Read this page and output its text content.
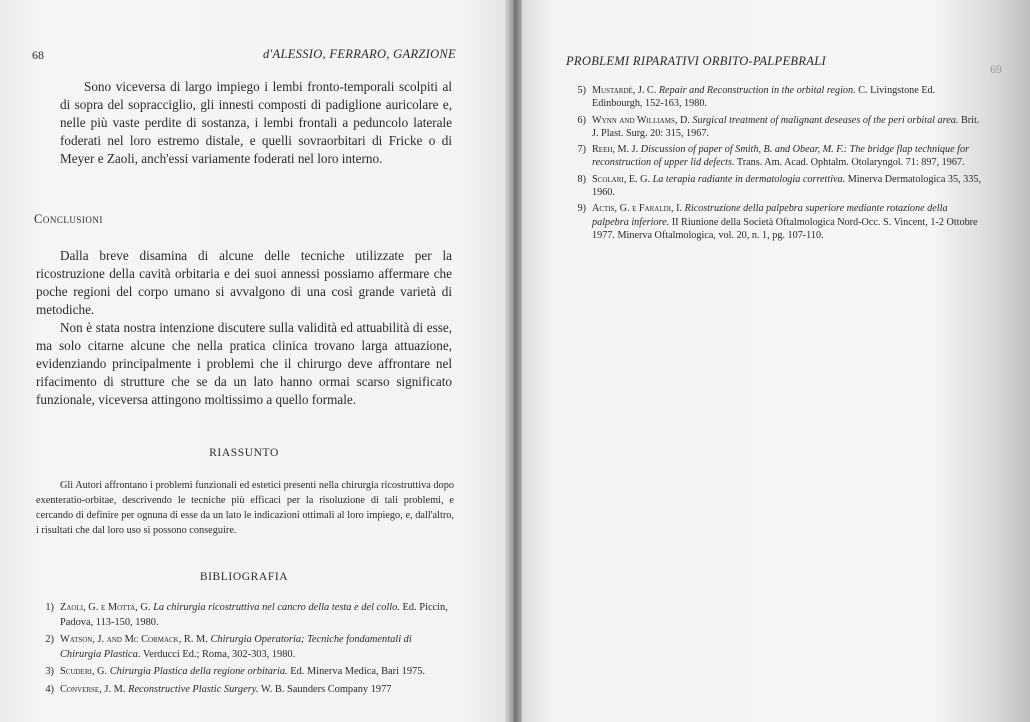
68	d'ALESSIO, FERRARO, GARZIONE

Sono viceversa di largo impiego i lembi fronto-temporali scolpiti al di sopra del sopracciglio, gli innesti composti di padiglione auricolare e, nelle più vaste perdite di sostanza, i lembi frontali a peduncolo laterale foderati nel loro estremo distale, e quelli sovraorbitari di Fricke o di Meyer e Zaoli, anch'essi variamente foderati nel loro interno.

Conclusioni

Dalla breve disamina di alcune delle tecniche utilizzate per la ricostruzione della cavità orbitaria e dei suoi annessi possiamo affermare che poche regioni del corpo umano si avvalgono di una così grande varietà di metodiche.

Non è stata nostra intenzione discutere sulla validità ed attuabilità di esse, ma solo citarne alcune che nella pratica clinica trovano larga attuazione, evidenziando principalmente i problemi che il chirurgo deve affrontare nel rifacimento di strutture che se da un lato hanno ormai scarso significato funzionale, viceversa attingono moltissimo a quello formale.

RIASSUNTO
Gli Autori affrontano i problemi funzionali ed estetici presenti nella chirurgia ricostruttiva dopo exenteratio-orbitae, descrivendo le tecniche più efficaci per la risoluzione di tali problemi, e cercando di definire per ognuna di esse da un lato le indicazioni ottimali al loro impiego, e, dall'altro, i risultati che dal loro uso si possono conseguire.
BIBLIOGRAFIA
1) Zaoli, G. e Motta, G. La chirurgia ricostruttiva nel cancro della testa e del collo. Ed. Piccin, Padova, 113-150, 1980.
2) Watson, J. and Mc Cormack, R. M. Chirurgia Operatoria; Tecniche fondamentali di Chirurgia Plastica. Verducci Ed.; Roma, 302-303, 1980.
3) Scuderi, G. Chirurgia Plastica della regione orbitaria. Ed. Minerva Medica, Bari 1975.
4) Converse, J. M. Reconstructive Plastic Surgery. W. B. Saunders Company 1977
PROBLEMI RIPARATIVI ORBITO-PALPEBRALI
69
5) Mustardè, J. C. Repair and Reconstruction in the orbital region. C. Livingstone Ed. Edinbourgh, 152-163, 1980.
6) Wynn and Williams, D. Surgical treatment of malignant deseases of the peri orbital area. Brit. J. Plast. Surg. 20: 315, 1967.
7) Reeh, M. J. Discussion of paper of Smith, B. and Obear, M. F.: The bridge flap technique for reconstruction of upper lid defects. Trans. Am. Acad. Ophtalm. Otolaryngol. 71: 897, 1967.
8) Scolari, E. G. La terapia radiante in dermatologia correttiva. Minerva Dermatologica 35, 335, 1960.
9) Actis, G. e Faraldi, I. Ricostruzione della palpebra superiore mediante rotazione della palpebra inferiore. II Riunione della Società Oftalmologica Nord-Occ. S. Vincent, 1-2 Ottobre 1977. Minerva Oftalmologica, vol. 20, n. 1, pg. 107-110.
